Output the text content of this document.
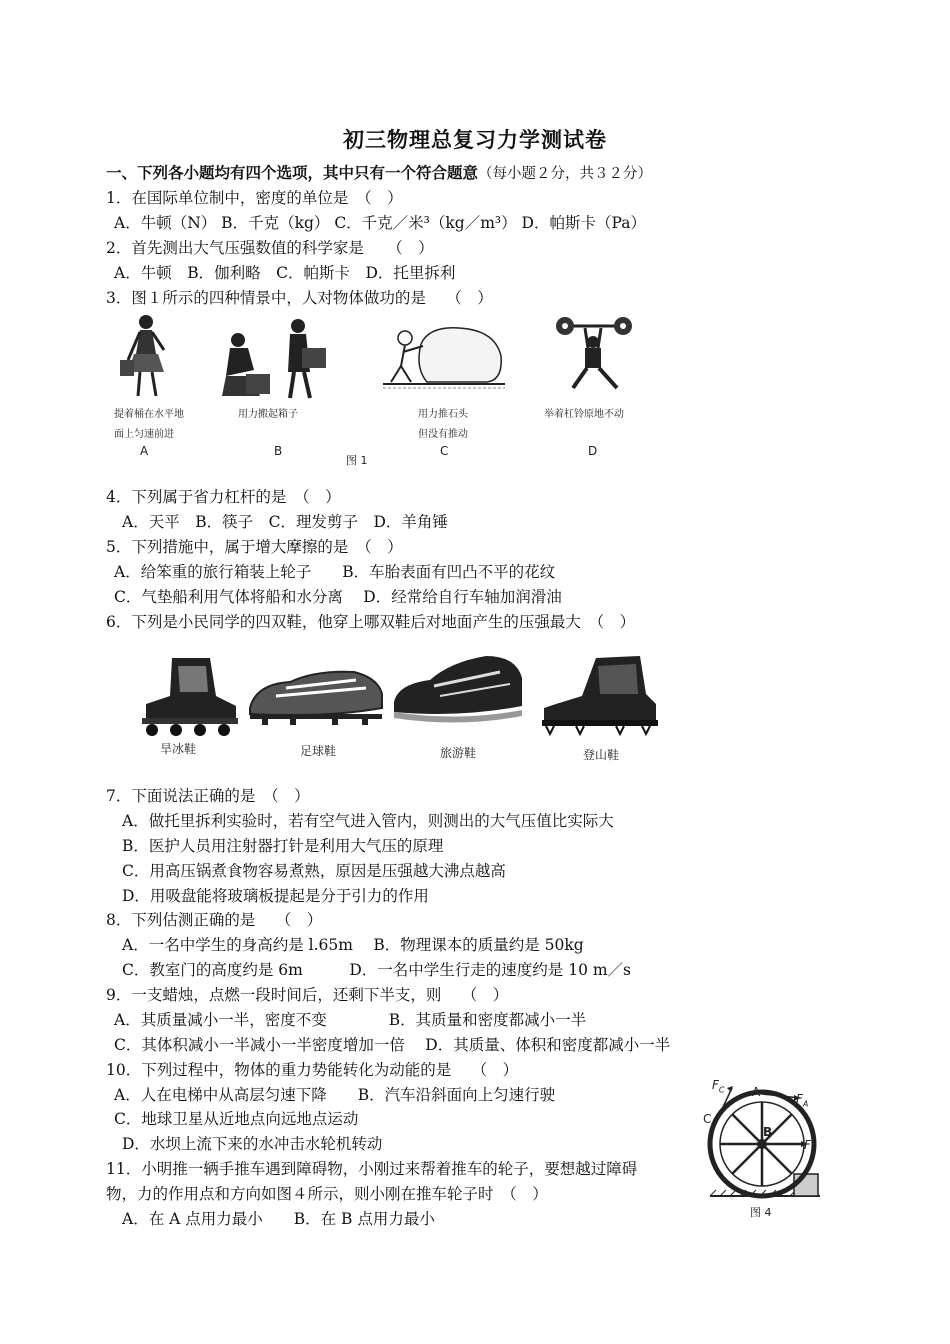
初三物理总复习力学测试卷
一、下列各小题均有四个选项，其中只有一个符合题意（每小题２分，共３２分）
1．在国际单位制中，密度的单位是　（　）
A．牛顿（N） B．千克（kg） C．千克／米³（kg／m³） D．帕斯卡（Pa）
2．首先测出大气压强数值的科学家是　　（　）
A．牛顿　B．伽利略　C．帕斯卡　D．托里拆利
3．图１所示的四种情景中，人对物体做功的是　 （　）
提着桶在水平地
面上匀速前进
用力搬起箱子	用力推石头
但没有推动
举着杠铃原地不动
A	B
图 1
C	D
4．下列属于省力杠杆的是　（　）
A．天平　B．筷子　C．理发剪子　D．羊角锤
5．下列措施中，属于增大摩擦的是　（　）
A．给笨重的旅行箱装上轮子　　B．车胎表面有凹凸不平的花纹
C．气垫船利用气体将船和水分离　 D．经常给自行车轴加润滑油
6．下列是小民同学的四双鞋，他穿上哪双鞋后对地面产生的压强最大　（　）
旱冰鞋	足球鞋	旅游鞋	登山鞋
7．下面说法正确的是　（　）
A．做托里拆利实验时，若有空气进入管内，则测出的大气压值比实际大
B．医护人员用注射器打针是利用大气压的原理
C．用高压锅煮食物容易煮熟，原因是压强越大沸点越高
D．用吸盘能将玻璃板提起是分于引力的作用
8．下列估测正确的是　 （　）
A．一名中学生的身高约是 l.65m　 B．物理课本的质量约是 50kg
C．教室门的高度约是 6m　　　D．一名中学生行走的速度约是 10 m／s
9．一支蜡烛，点燃一段时间后，还剩下半支，则　 （　）
A．其质量减小一半，密度不变　　　　B．其质量和密度都减小一半
C．其体积减小一半减小一半密度增加一倍　 D．其质量、体积和密度都减小一半
10．下列过程中，物体的重力势能转化为动能的是　 （　）
A．人在电梯中从高层匀速下降　　B．汽车沿斜面向上匀速行驶
C．地球卫星从近地点向远地点运动
D．水坝上流下来的水冲击水轮机转动
11．小明推一辆手推车遇到障碍物，小刚过来帮着推车的轮子，要想越过障碍
物，力的作用点和方向如图４所示，则小刚在推车轮子时　（　）
A．在 A 点用力最小　　B．在 B 点用力最小
$F_C$ A	$F_A$
C
B
$F_B$
图 4
